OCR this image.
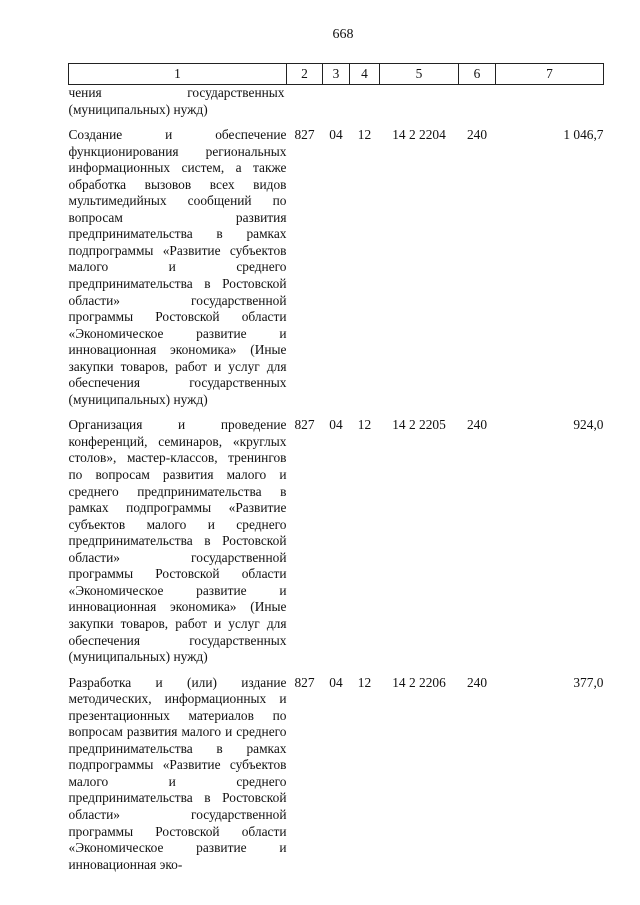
668
1	2	3	4	5	6	7
чения государственных (муниципальных) нужд)						
Создание и обеспечение функционирования региональных информационных систем, а также обработка вызовов всех видов мультимедийных сообщений по вопросам развития предпринимательства в рамках подпрограммы «Развитие субъектов малого и среднего предпринимательства в Ростовской области» государственной программы Ростовской области «Экономическое развитие и инновационная экономика» (Иные закупки товаров, работ и услуг для обеспечения государственных (муниципальных) нужд)	827	04	12	14 2 2204	240	1 046,7
Организация и проведение конференций, семинаров, «круглых столов», мастер-классов, тренингов по вопросам развития малого и среднего предпринимательства в рамках подпрограммы «Развитие субъектов малого и среднего предпринимательства в Ростовской области» государственной программы Ростовской области «Экономическое развитие и инновационная экономика» (Иные закупки товаров, работ и услуг для обеспечения государственных (муниципальных) нужд)	827	04	12	14 2 2205	240	924,0
Разработка и (или) издание методических, информационных и презентационных материалов по вопросам развития малого и среднего предпринимательства в рамках подпрограммы «Развитие субъектов малого и среднего предпринимательства в Ростовской области» государственной программы Ростовской области «Экономическое развитие и инновационная эко-	827	04	12	14 2 2206	240	377,0
